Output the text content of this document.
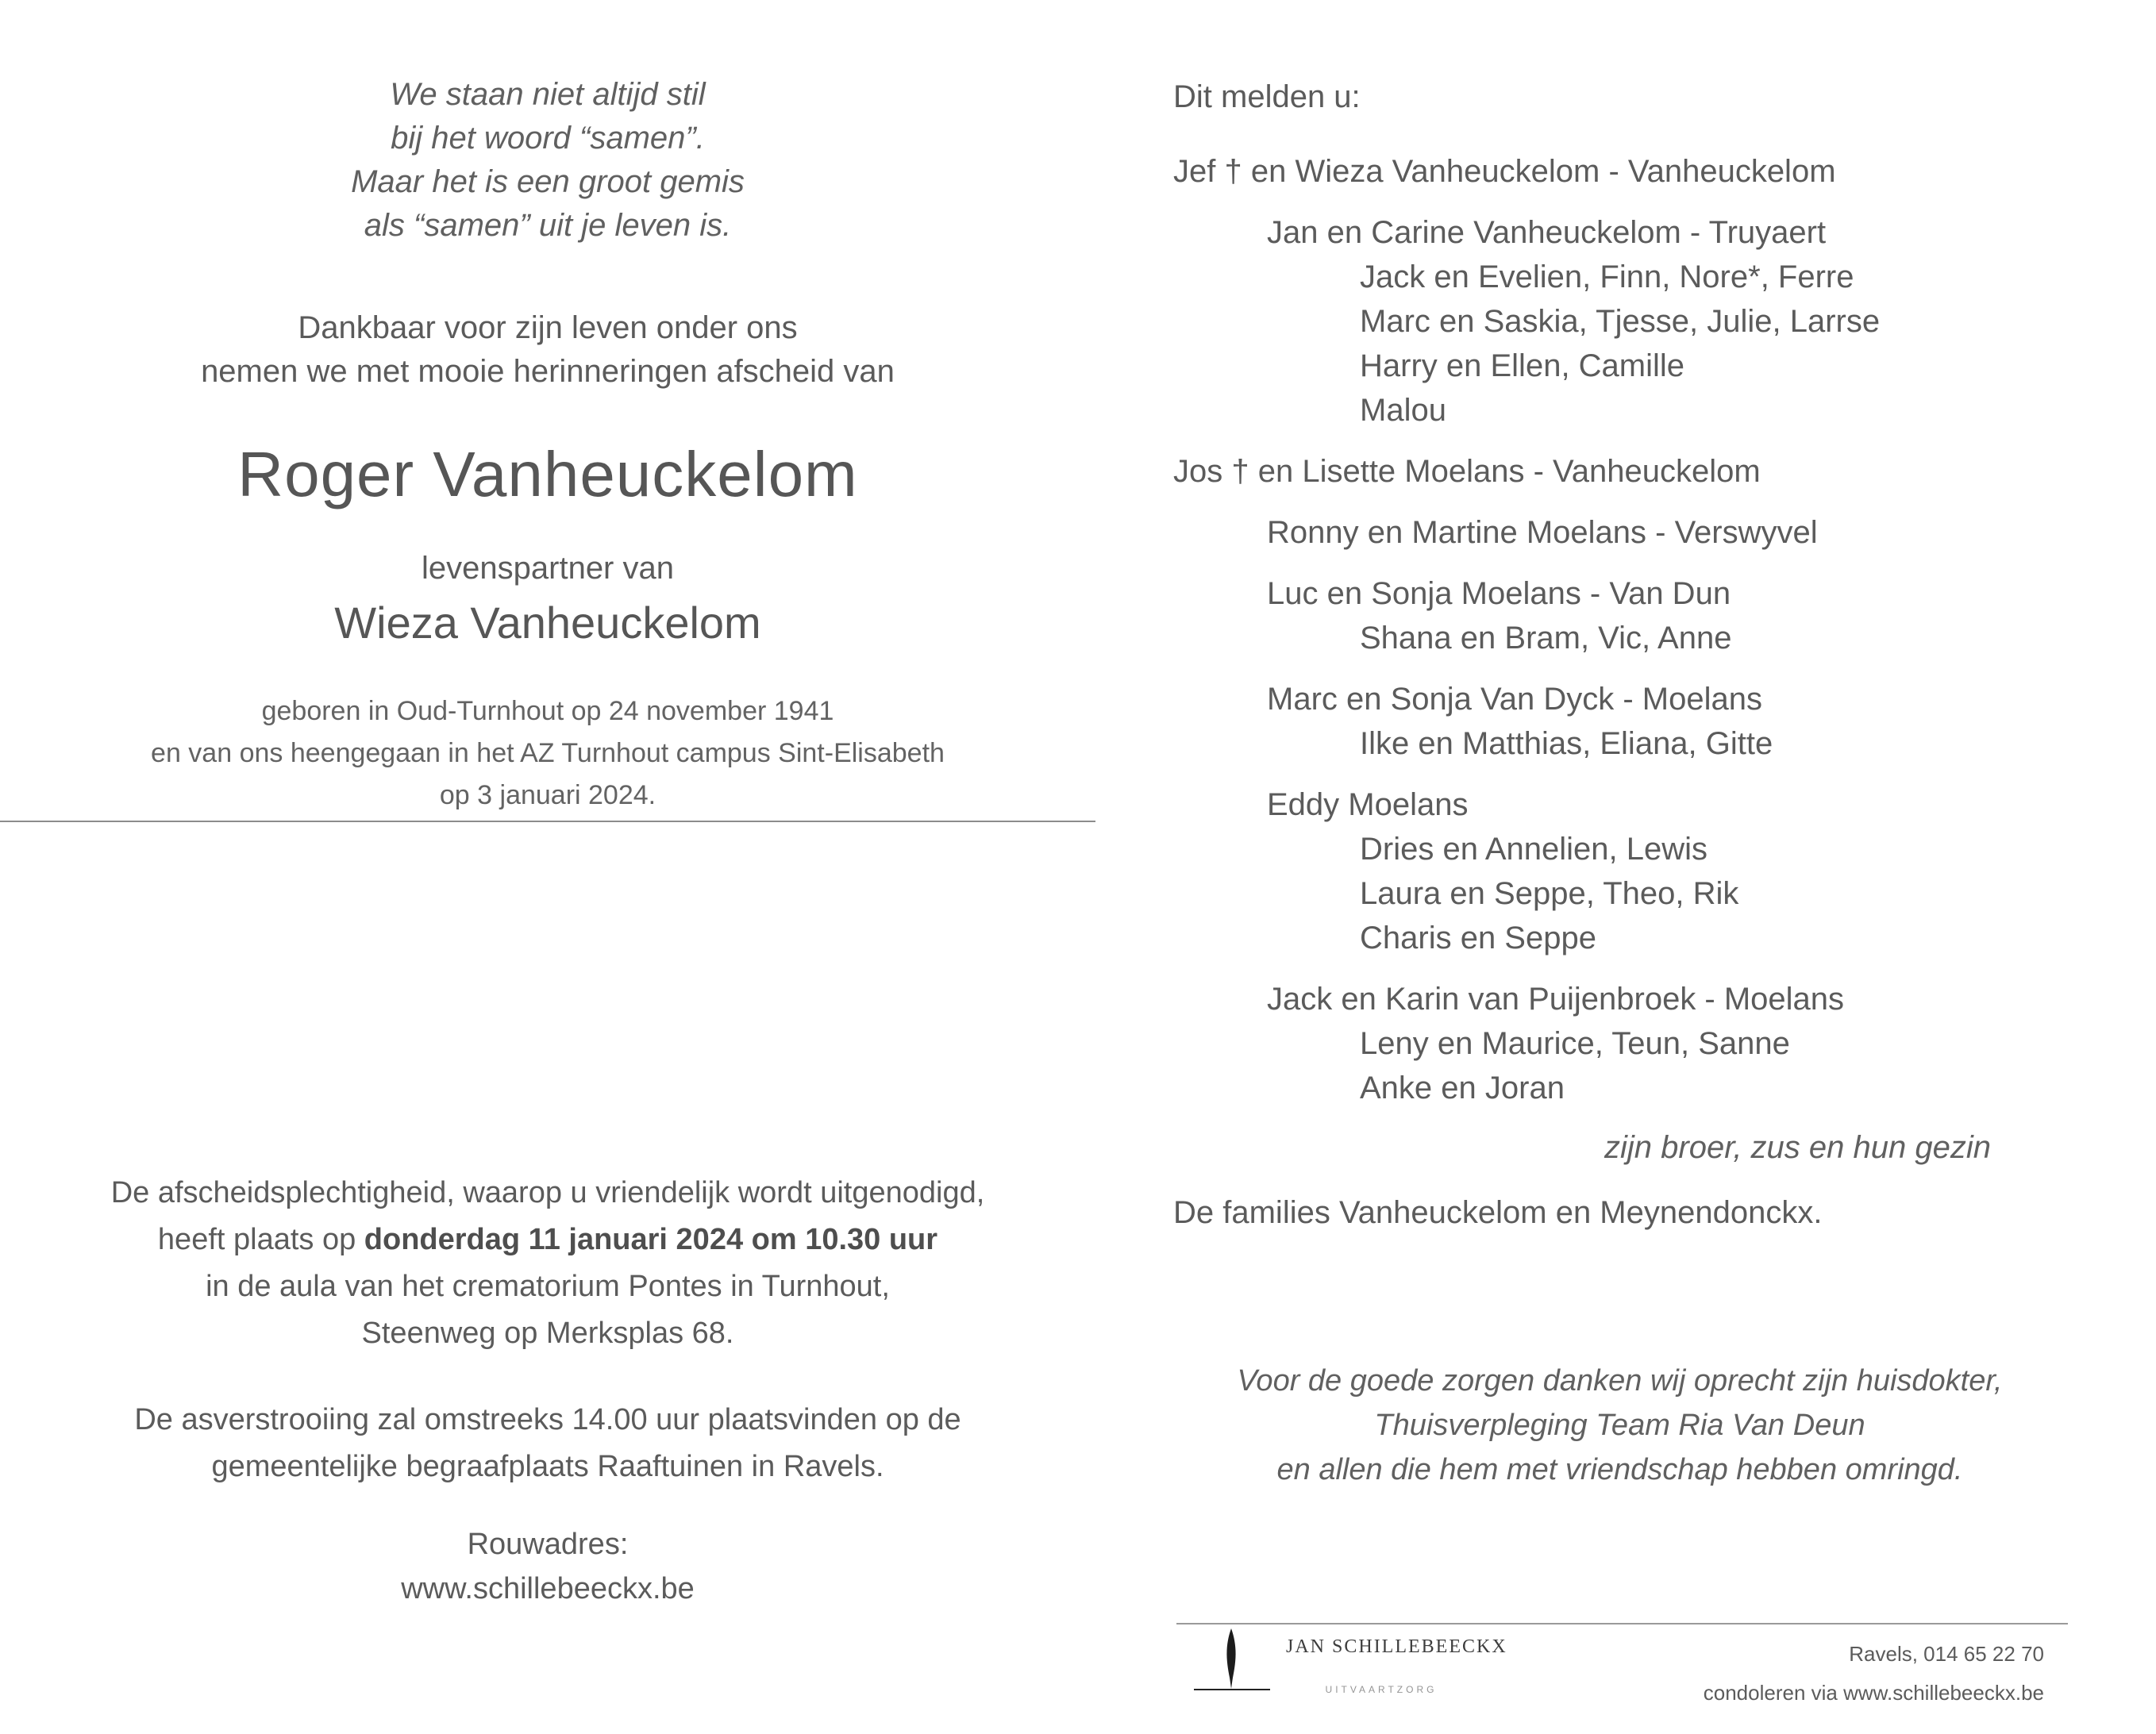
We staan niet altijd stil
bij het woord “samen”.
Maar het is een groot gemis
als “samen” uit je leven is.
Dankbaar voor zijn leven onder ons
nemen we met mooie herinneringen afscheid van
Roger Vanheuckelom
levenspartner van
Wieza Vanheuckelom
geboren in Oud-Turnhout op 24 november 1941
en van ons heengegaan in het AZ Turnhout campus Sint-Elisabeth
op 3 januari 2024.
De afscheidsplechtigheid, waarop u vriendelijk wordt uitgenodigd,
heeft plaats op donderdag 11 januari 2024 om 10.30 uur
in de aula van het crematorium Pontes in Turnhout,
Steenweg op Merksplas 68.
De asverstrooiing zal omstreeks 14.00 uur plaatsvinden op de
gemeentelijke begraafplaats Raaftuinen in Ravels.
Rouwadres:
www.schillebeeckx.be
Dit melden u:
Jef † en Wieza Vanheuckelom - Vanheuckelom
Jan en Carine Vanheuckelom - Truyaert
Jack en Evelien, Finn, Nore*, Ferre
Marc en Saskia, Tjesse, Julie, Larrse
Harry en Ellen, Camille
Malou
Jos † en Lisette Moelans - Vanheuckelom
Ronny en Martine Moelans - Verswyvel
Luc en Sonja Moelans - Van Dun
Shana en Bram, Vic, Anne
Marc en Sonja Van Dyck - Moelans
Ilke en Matthias, Eliana, Gitte
Eddy Moelans
Dries en Annelien, Lewis
Laura en Seppe, Theo, Rik
Charis en Seppe
Jack en Karin van Puijenbroek - Moelans
Leny en Maurice, Teun, Sanne
Anke en Joran
zijn broer, zus en hun gezin
De families Vanheuckelom en Meynendonckx.
Voor de goede zorgen danken wij oprecht zijn huisdokter,
Thuisverpleging Team Ria Van Deun
en allen die hem met vriendschap hebben omringd.
JAN SCHILLEBEECKX
UITVAARTZORG
Ravels, 014 65 22 70
condoleren via www.schillebeeckx.be
